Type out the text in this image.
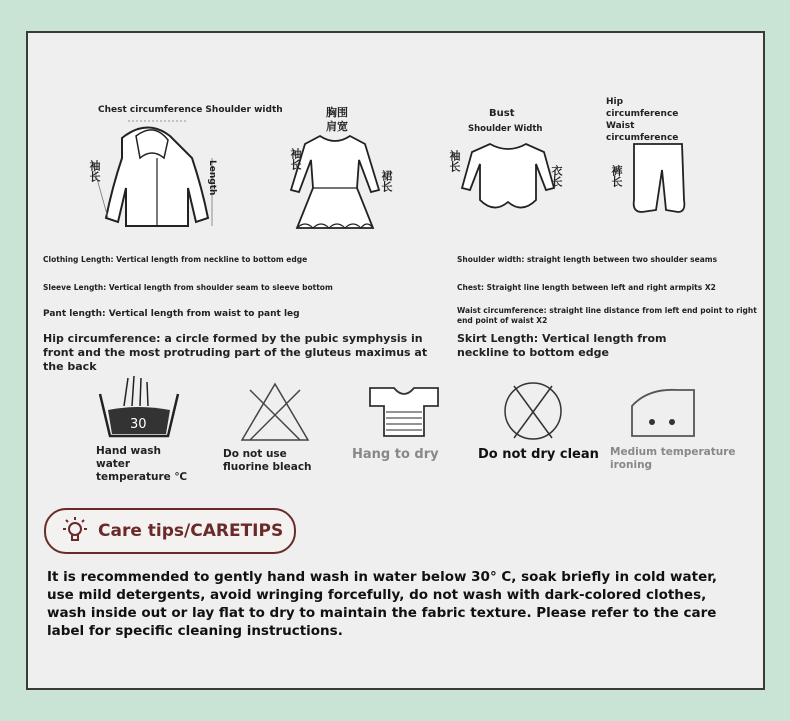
Chest circumference Shoulder width
Length
袖长
胸围
肩宽
裙长
袖长
Bust
Shoulder Width
衣长
袖长
Hip circumference
Waist circumference
裤长
Clothing Length: Vertical length from neckline to bottom edge
Sleeve Length: Vertical length from shoulder seam to sleeve bottom
Pant length: Vertical length from waist to pant leg
Hip circumference: a circle formed by the pubic symphysis in front and the most protruding part of the gluteus maximus at the back
Shoulder width: straight length between two shoulder seams
Chest: Straight line length between left and right armpits X2
Waist circumference: straight line distance from left end point to right end point of waist X2
Skirt Length: Vertical length from neckline to bottom edge
30
Hand wash water temperature ℃
Do not use fluorine bleach
Hang to dry	Do not dry clean Medium temperature ironing
Care tips/CARETIPS
It is recommended to gently hand wash in water below 30° C, soak briefly in cold water, use mild detergents, avoid wringing forcefully, do not wash with dark-colored clothes, wash inside out or lay flat to dry to maintain the fabric texture. Please refer to the care label for specific cleaning instructions.
